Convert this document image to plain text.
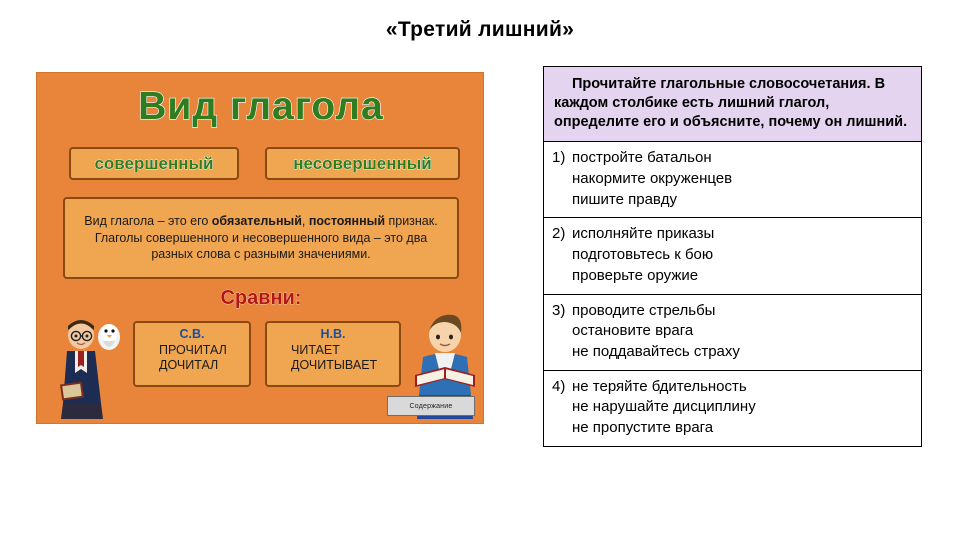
«Третий лишний»
Вид глагола
совершенный	несовершенный
Вид глагола – это его обязательный, постоянный признак. Глаголы совершенного и несовершенного вида – это два разных слова с разными значениями.
Сравни:
С.В.
ПРОЧИТАЛ
ДОЧИТАЛ
Н.В.
ЧИТАЕТ
ДОЧИТЫВАЕТ
Содержание
Прочитайте глагольные словосочетания. В каждом столбике есть лишний глагол, определите его и объясните, почему он лишний.
1) постройте батальон
накормите окруженцев
пишите правду
2) исполняйте приказы
подготовьтесь к бою
проверьте оружие
3) проводите стрельбы
остановите врага
не поддавайтесь страху
4) не теряйте бдительность
не нарушайте дисциплину
не пропустите врага
